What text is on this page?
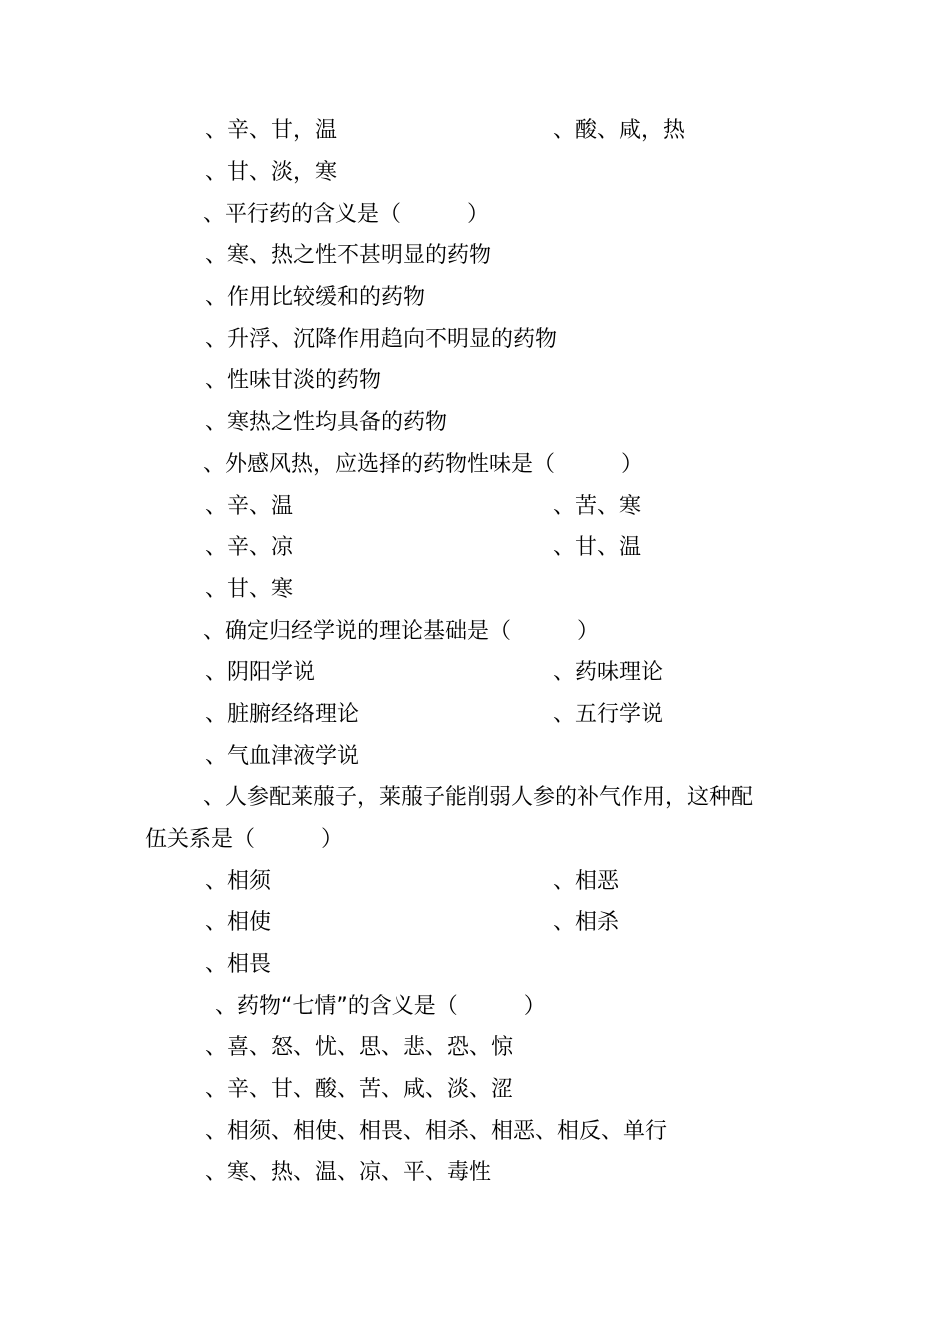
、辛、甘，温	、酸、咸，热
、甘、淡，寒
、平行药的含义是（　　　）
、寒、热之性不甚明显的药物
、作用比较缓和的药物
、升浮、沉降作用趋向不明显的药物
、性味甘淡的药物
、寒热之性均具备的药物
、外感风热，应选择的药物性味是（　　　）
、辛、温	、苦、寒
、辛、凉	、甘、温
、甘、寒
、确定归经学说的理论基础是（　　　）
、阴阳学说	、药味理论
、脏腑经络理论	、五行学说
、气血津液学说
、人参配莱菔子，莱菔子能削弱人参的补气作用，这种配
伍关系是（　　　）
、相须	、相恶
、相使	、相杀
、相畏
、药物“七情”的含义是（　　　）
、喜、怒、忧、思、悲、恐、惊
、辛、甘、酸、苦、咸、淡、涩
、相须、相使、相畏、相杀、相恶、相反、单行
、寒、热、温、凉、平、毒性
